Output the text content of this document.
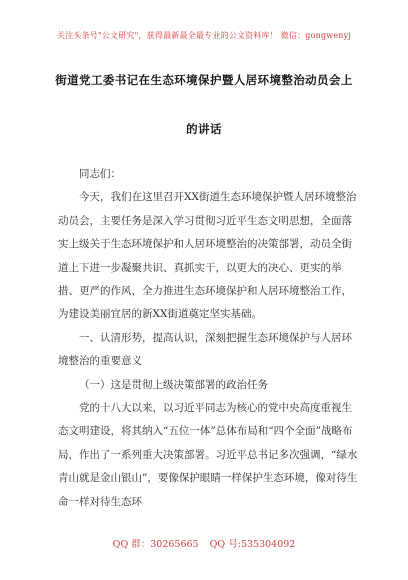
关注头条号"公文研究"，获得最新最全最专业的公文资料库！ 微信：gongwenyj
街道党工委书记在生态环境保护暨人居环境整治动员会上
的讲话

同志们：

今天，我们在这里召开XX街道生态环境保护暨人居环境整治动员会，主要任务是深入学习贯彻习近平生态文明思想，全面落实上级关于生态环境保护和人居环境整治的决策部署，动员全街道上下进一步凝聚共识、真抓实干，以更大的决心、更实的举措、更严的作风，全力推进生态环境保护和人居环境整治工作，为建设美丽宜居的新XX街道奠定坚实基础。

一、认清形势，提高认识，深刻把握生态环境保护与人居环境整治的重要意义

（一）这是贯彻上级决策部署的政治任务

党的十八大以来，以习近平同志为核心的党中央高度重视生态文明建设，将其纳入“五位一体”总体布局和“四个全面”战略布局，作出了一系列重大决策部署。习近平总书记多次强调，“绿水青山就是金山银山”，要像保护眼睛一样保护生态环境，像对待生命一样对待生态环

QQ 群：30265665 QQ 号:535304092
